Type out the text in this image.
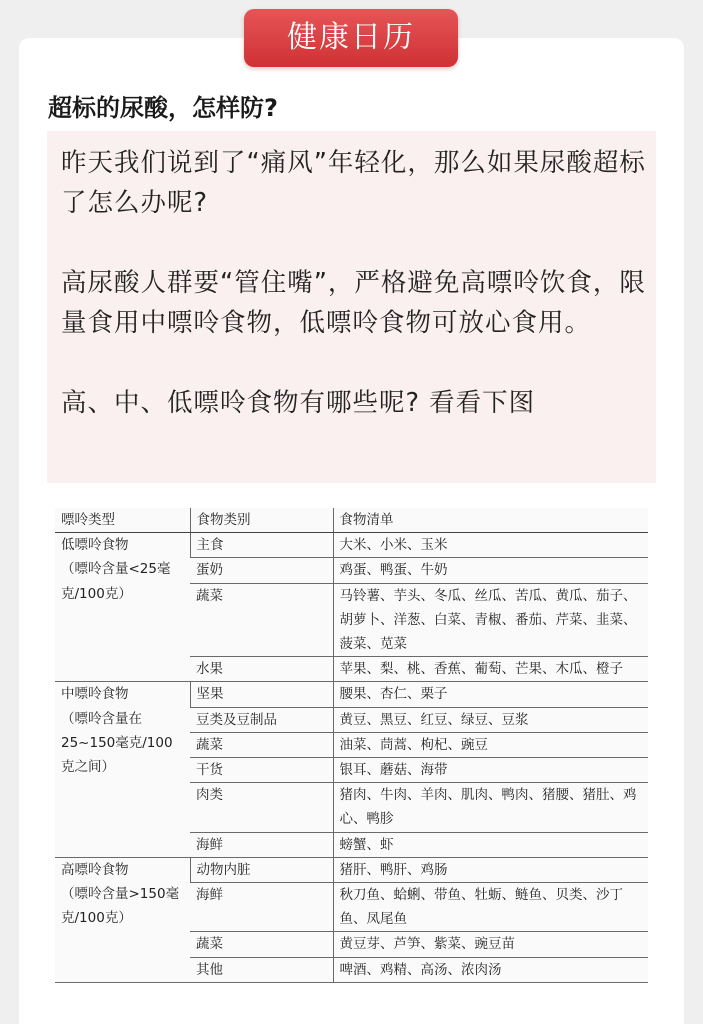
健康日历
超标的尿酸，怎样防?

昨天我们说到了“痛风”年轻化，那么如果尿酸超标了怎么办呢?

高尿酸人群要“管住嘴”，严格避免高嘌呤饮食，限量食用中嘌呤食物，低嘌呤食物可放心食用。

高、中、低嘌呤食物有哪些呢? 看看下图

嘌呤类型	食物类别	食物清单

低嘌呤食物
（嘌呤含量<25毫克/100克）	主食	大米、小米、玉米
	蛋奶	鸡蛋、鸭蛋、牛奶
	蔬菜	马铃薯、芋头、冬瓜、丝瓜、苦瓜、黄瓜、茄子、胡萝卜、洋葱、白菜、青椒、番茄、芹菜、韭菜、菠菜、苋菜
	水果	苹果、梨、桃、香蕉、葡萄、芒果、木瓜、橙子

中嘌呤食物
（嘌呤含量在25~150毫克/100克之间）	坚果	腰果、杏仁、栗子
	豆类及豆制品	黄豆、黑豆、红豆、绿豆、豆浆
	蔬菜	油菜、茼蒿、枸杞、豌豆
	干货	银耳、蘑菇、海带
	肉类	猪肉、牛肉、羊肉、肌肉、鸭肉、猪腰、猪肚、鸡心、鸭胗
	海鲜	螃蟹、虾

高嘌呤食物
（嘌呤含量>150毫克/100克）	动物内脏	猪肝、鸭肝、鸡肠
	海鲜	秋刀鱼、蛤蜊、带鱼、牡蛎、鲢鱼、贝类、沙丁鱼、凤尾鱼
	蔬菜	黄豆芽、芦笋、紫菜、豌豆苗
	其他	啤酒、鸡精、高汤、浓肉汤
